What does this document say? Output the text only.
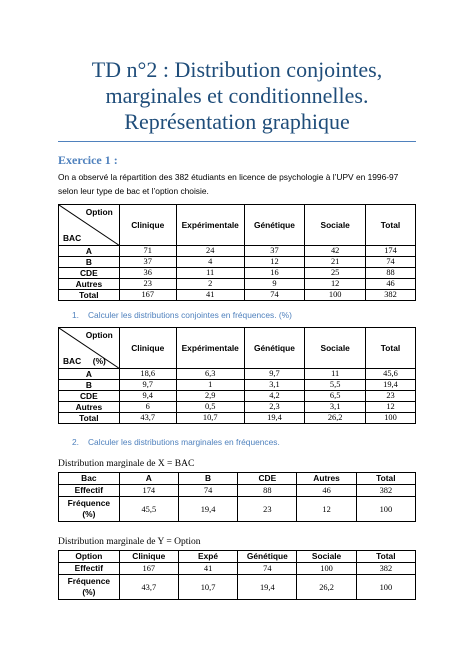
TD n°2 : Distribution conjointes,
marginales et conditionnelles.
Représentation graphique
Exercice 1 :

On a observé la répartition des 382 étudiants en licence de psychologie à l’UPV en 1996-97
selon leur type de bac et l’option choisie.

Option
BAC	Clinique	Expérimentale	Génétique	Sociale	Total
A	71	24	37	42	174
B	37	4	12	21	74
CDE	36	11	16	25	88
Autres	23	2	9	12	46
Total	167	41	74	100	382
1. Calculer les distributions conjointes en fréquences. (%)
Option
BAC     (%)	Clinique	Expérimentale	Génétique	Sociale	Total
A	18,6	6,3	9,7	11	45,6
B	9,7	1	3,1	5,5	19,4
CDE	9,4	2,9	4,2	6,5	23
Autres	6	0,5	2,3	3,1	12
Total	43,7	10,7	19,4	26,2	100
2. Calculer les distributions marginales en fréquences.
Distribution marginale de X = BAC
Bac	A	B	CDE	Autres	Total
Effectif	174	74	88	46	382
Fréquence
(%)	45,5	19,4	23	12	100
Distribution marginale de Y = Option
Option	Clinique	Expé	Génétique	Sociale	Total
Effectif	167	41	74	100	382
Fréquence
(%)	43,7	10,7	19,4	26,2	100
